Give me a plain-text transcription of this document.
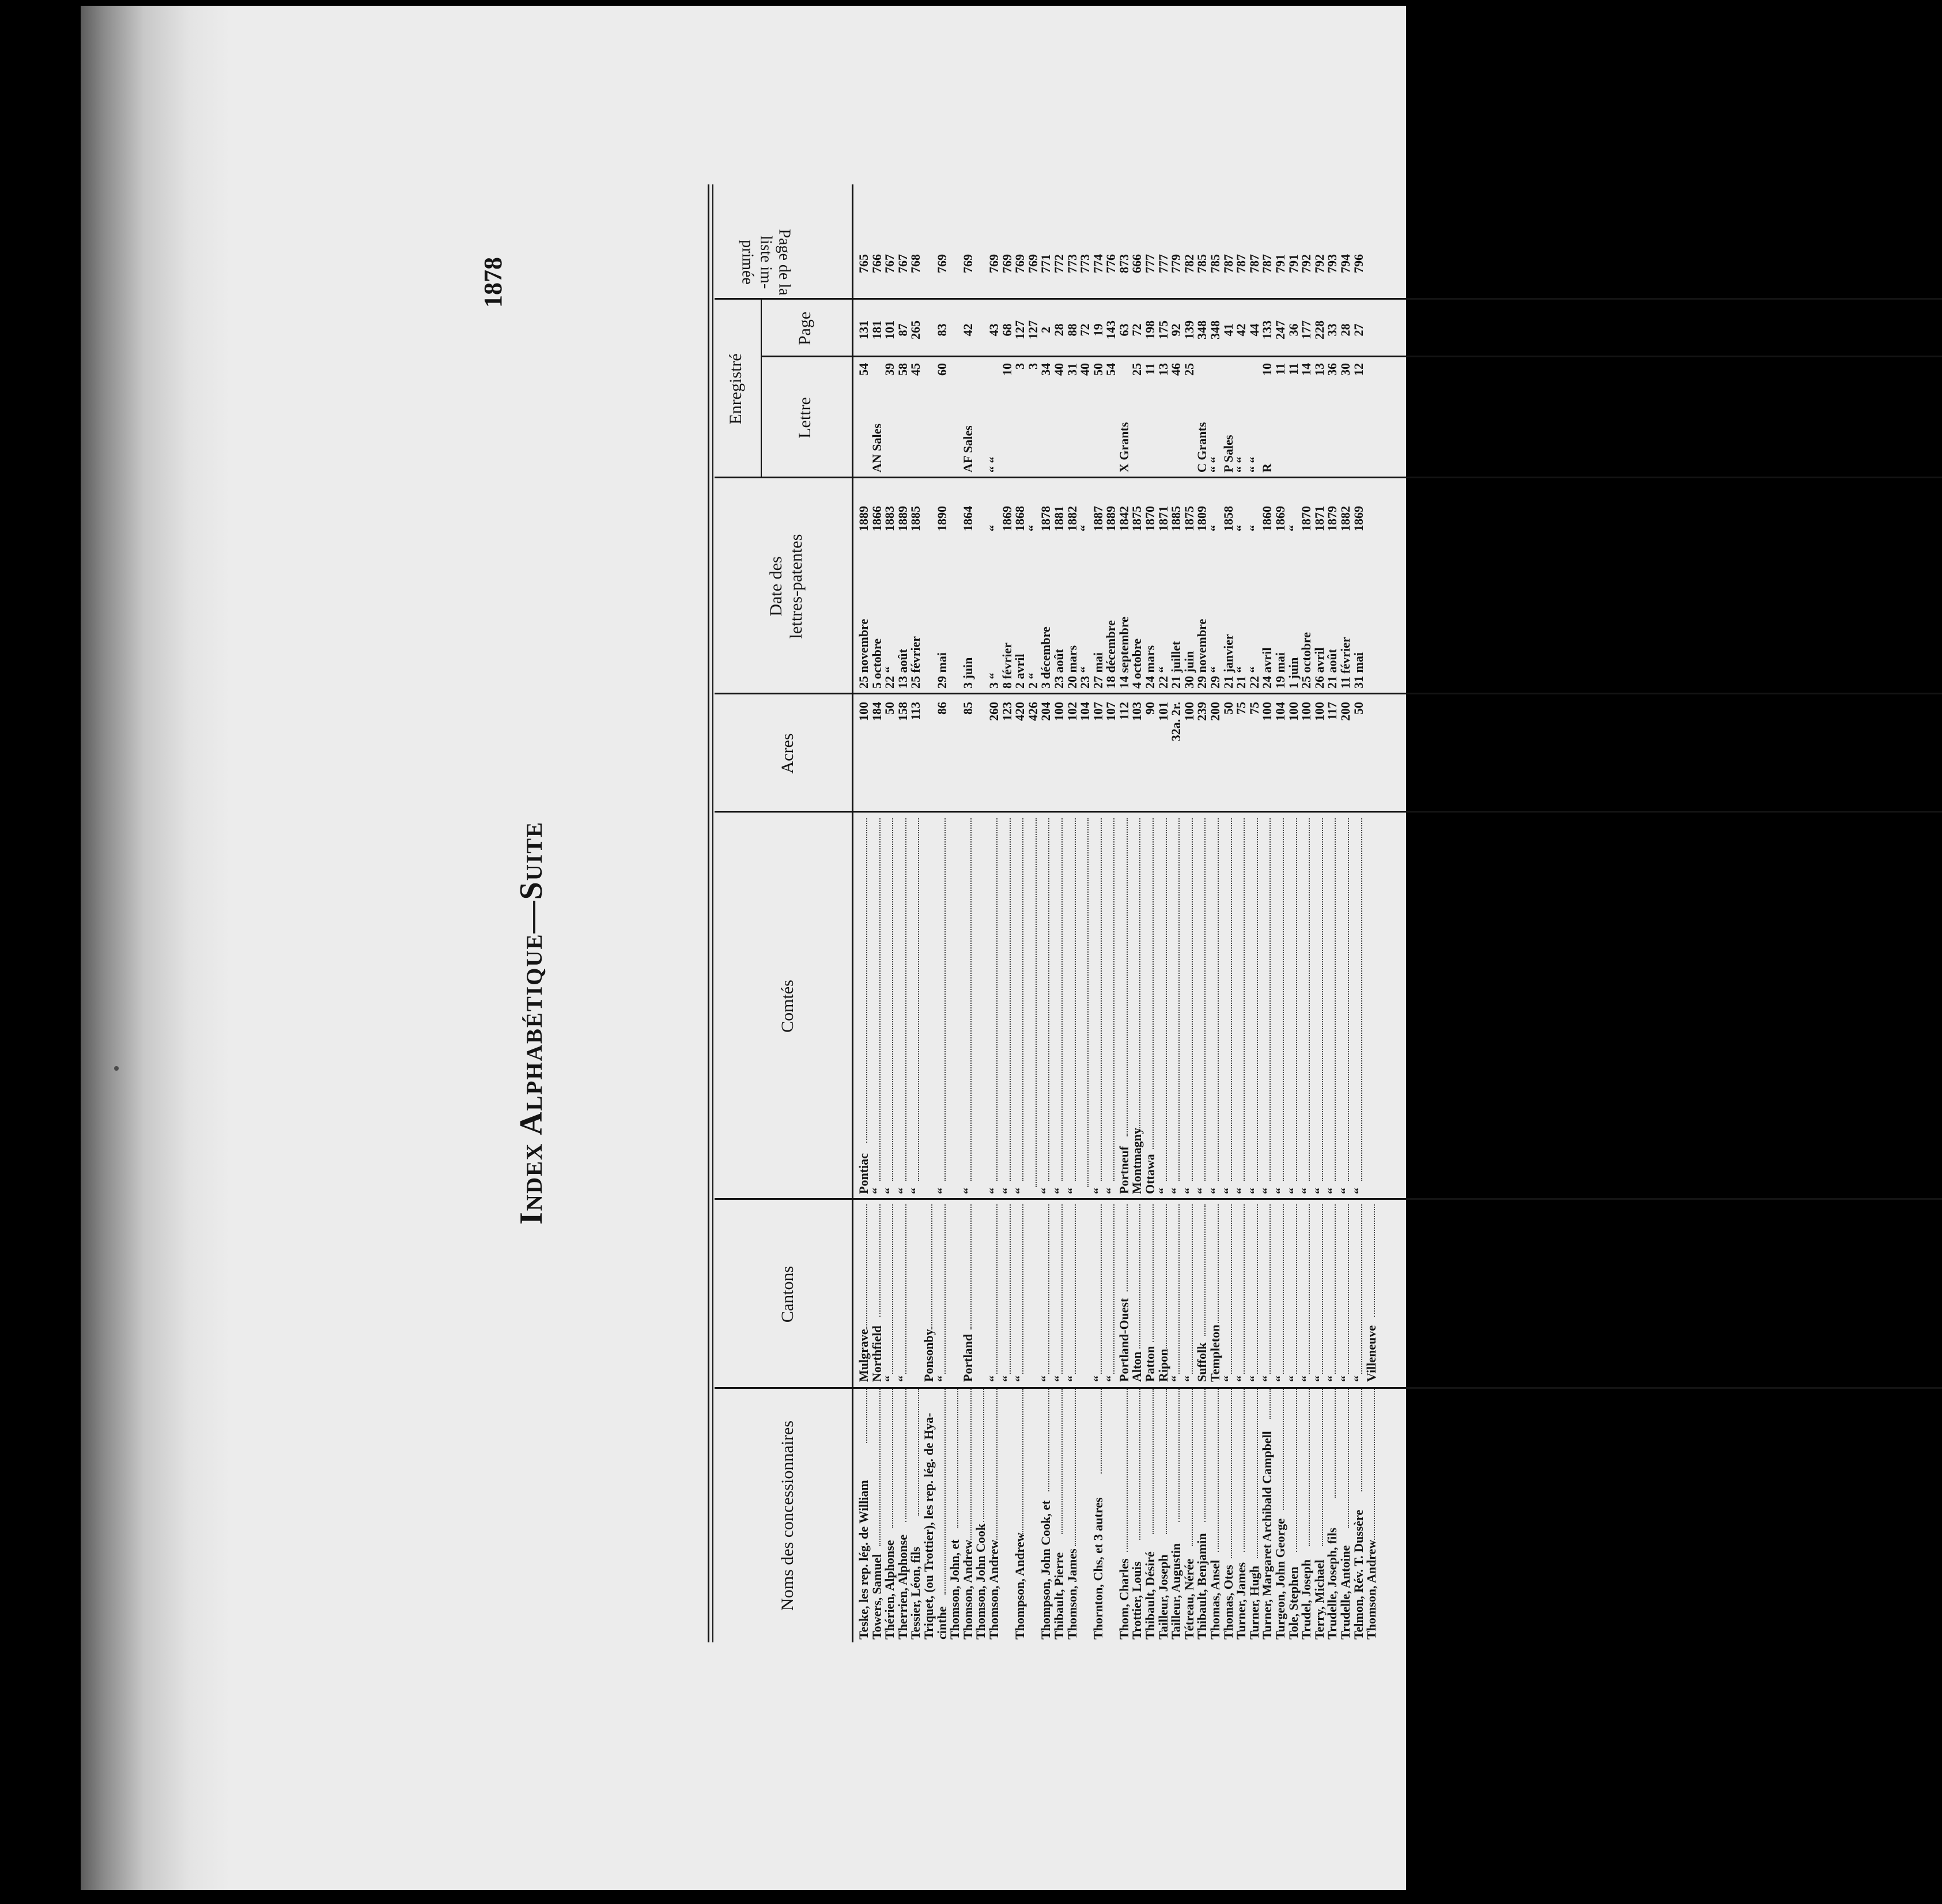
1878
Index Alphabétique—Suite
Noms des concessionnaires
Cantons
Comtés
Acres
Date des lettres-patentes
Enregistré	Lettre
Page
Page de la
liste im-
primée
Teske, les rep. lég. de William
Mulgrave
Pontiac
100
25 novembre
1889
54
131
765
Towers, Samuel
Northfield
“
184
5 octobre
1866
AN Sales
181
766
Thérien, Alphonse
“
“
50
22 “
1883
39
101
767
Therrien, Alphonse
“
“
158
13 août
1889
58
87
767
Tessier, Léon, fils
“
113
25 février
1885
45
265
768
Triquet, (ou Trottier), les rep. lég. de Hya-
Ponsonby
cinthe
“
“
86
29 mai
1890
60
83
769
Thomson, John, et
Thomson, Andrew
Portland
“
85
3 juin
1864
AF Sales
42
769
Thomson, John Cook
Thomson, Andrew
“
“
260
3 “
“
“ “
43
769
“
“
123
8 février
1869
10
68
769
Thompson, Andrew
“
“
420
2 avril
1868
3
127
769
426
2 “
“
3
127
769
Thompson, John Cook, et
“
“
204
3 décembre
1878
34
2
771
Thibault, Pierre
“
“
100
23 août
1881
40
28
772
Thomson, James
“
“
102
20 mars
1882
31
88
773
104
23 “
“
40
72
773
Thornton, Chs, et 3 autres
“
“
107
27 mai
1887
50
19
774
“
“
107
18 décembre
1889
54
143
776
Thom, Charles
Portland-Ouest
Portneuf
112
14 septembre
1842
X Grants
63
873
Trottier, Louis
Alton
Montmagny
103
4 octobre
1875
25
72
666
Thibault, Désiré
Patton
Ottawa
90
24 mars
1870
11
198
777
Tailleur, Joseph
Ripon
“
101
22 “
1871
13
175
777
Tailleur, Augustin
“
“
32a. 2r.
21 juillet
1885
46
92
779
Tétreau, Nérée
“
“
100
30 juin
1875
25
139
782
Thibault, Benjamin
Suffolk
“
239
29 novembre
1809
C Grants
348
785
Thomas, Ansel
Templeton
“
200
29 “
“
“ “
348
785
Thomas, Otes
“
“
50
21 janvier
1858
P Sales
41
787
Turner, James
“
“
75
21 “
“
“ “
42
787
Turner, Hugh
“
“
75
22 “
“
“ “
44
787
Turner, Margaret Archibald Campbell
“
“
100
24 avril
1860
R
10
133
787
Turgeon, John George
“
“
104
19 mai
1869
11
247
791
Tole, Stephen
“
“
100
1 juin
“
11
36
791
Trudel, Joseph
“
“
100
25 octobre
1870
14
177
792
Terry, Michael
“
“
100
26 avril
1871
13
228
792
Trudelle, Joseph, fils
“
“
117
21 août
1879
36
33
793
Trudelle, Antoine
“
“
200
11 février
1882
30
28
794
Telmon, Rév. T. Dussère
“
“
50
31 mai
1869
12
27
796
Thomson, Andrew
Villeneuve
